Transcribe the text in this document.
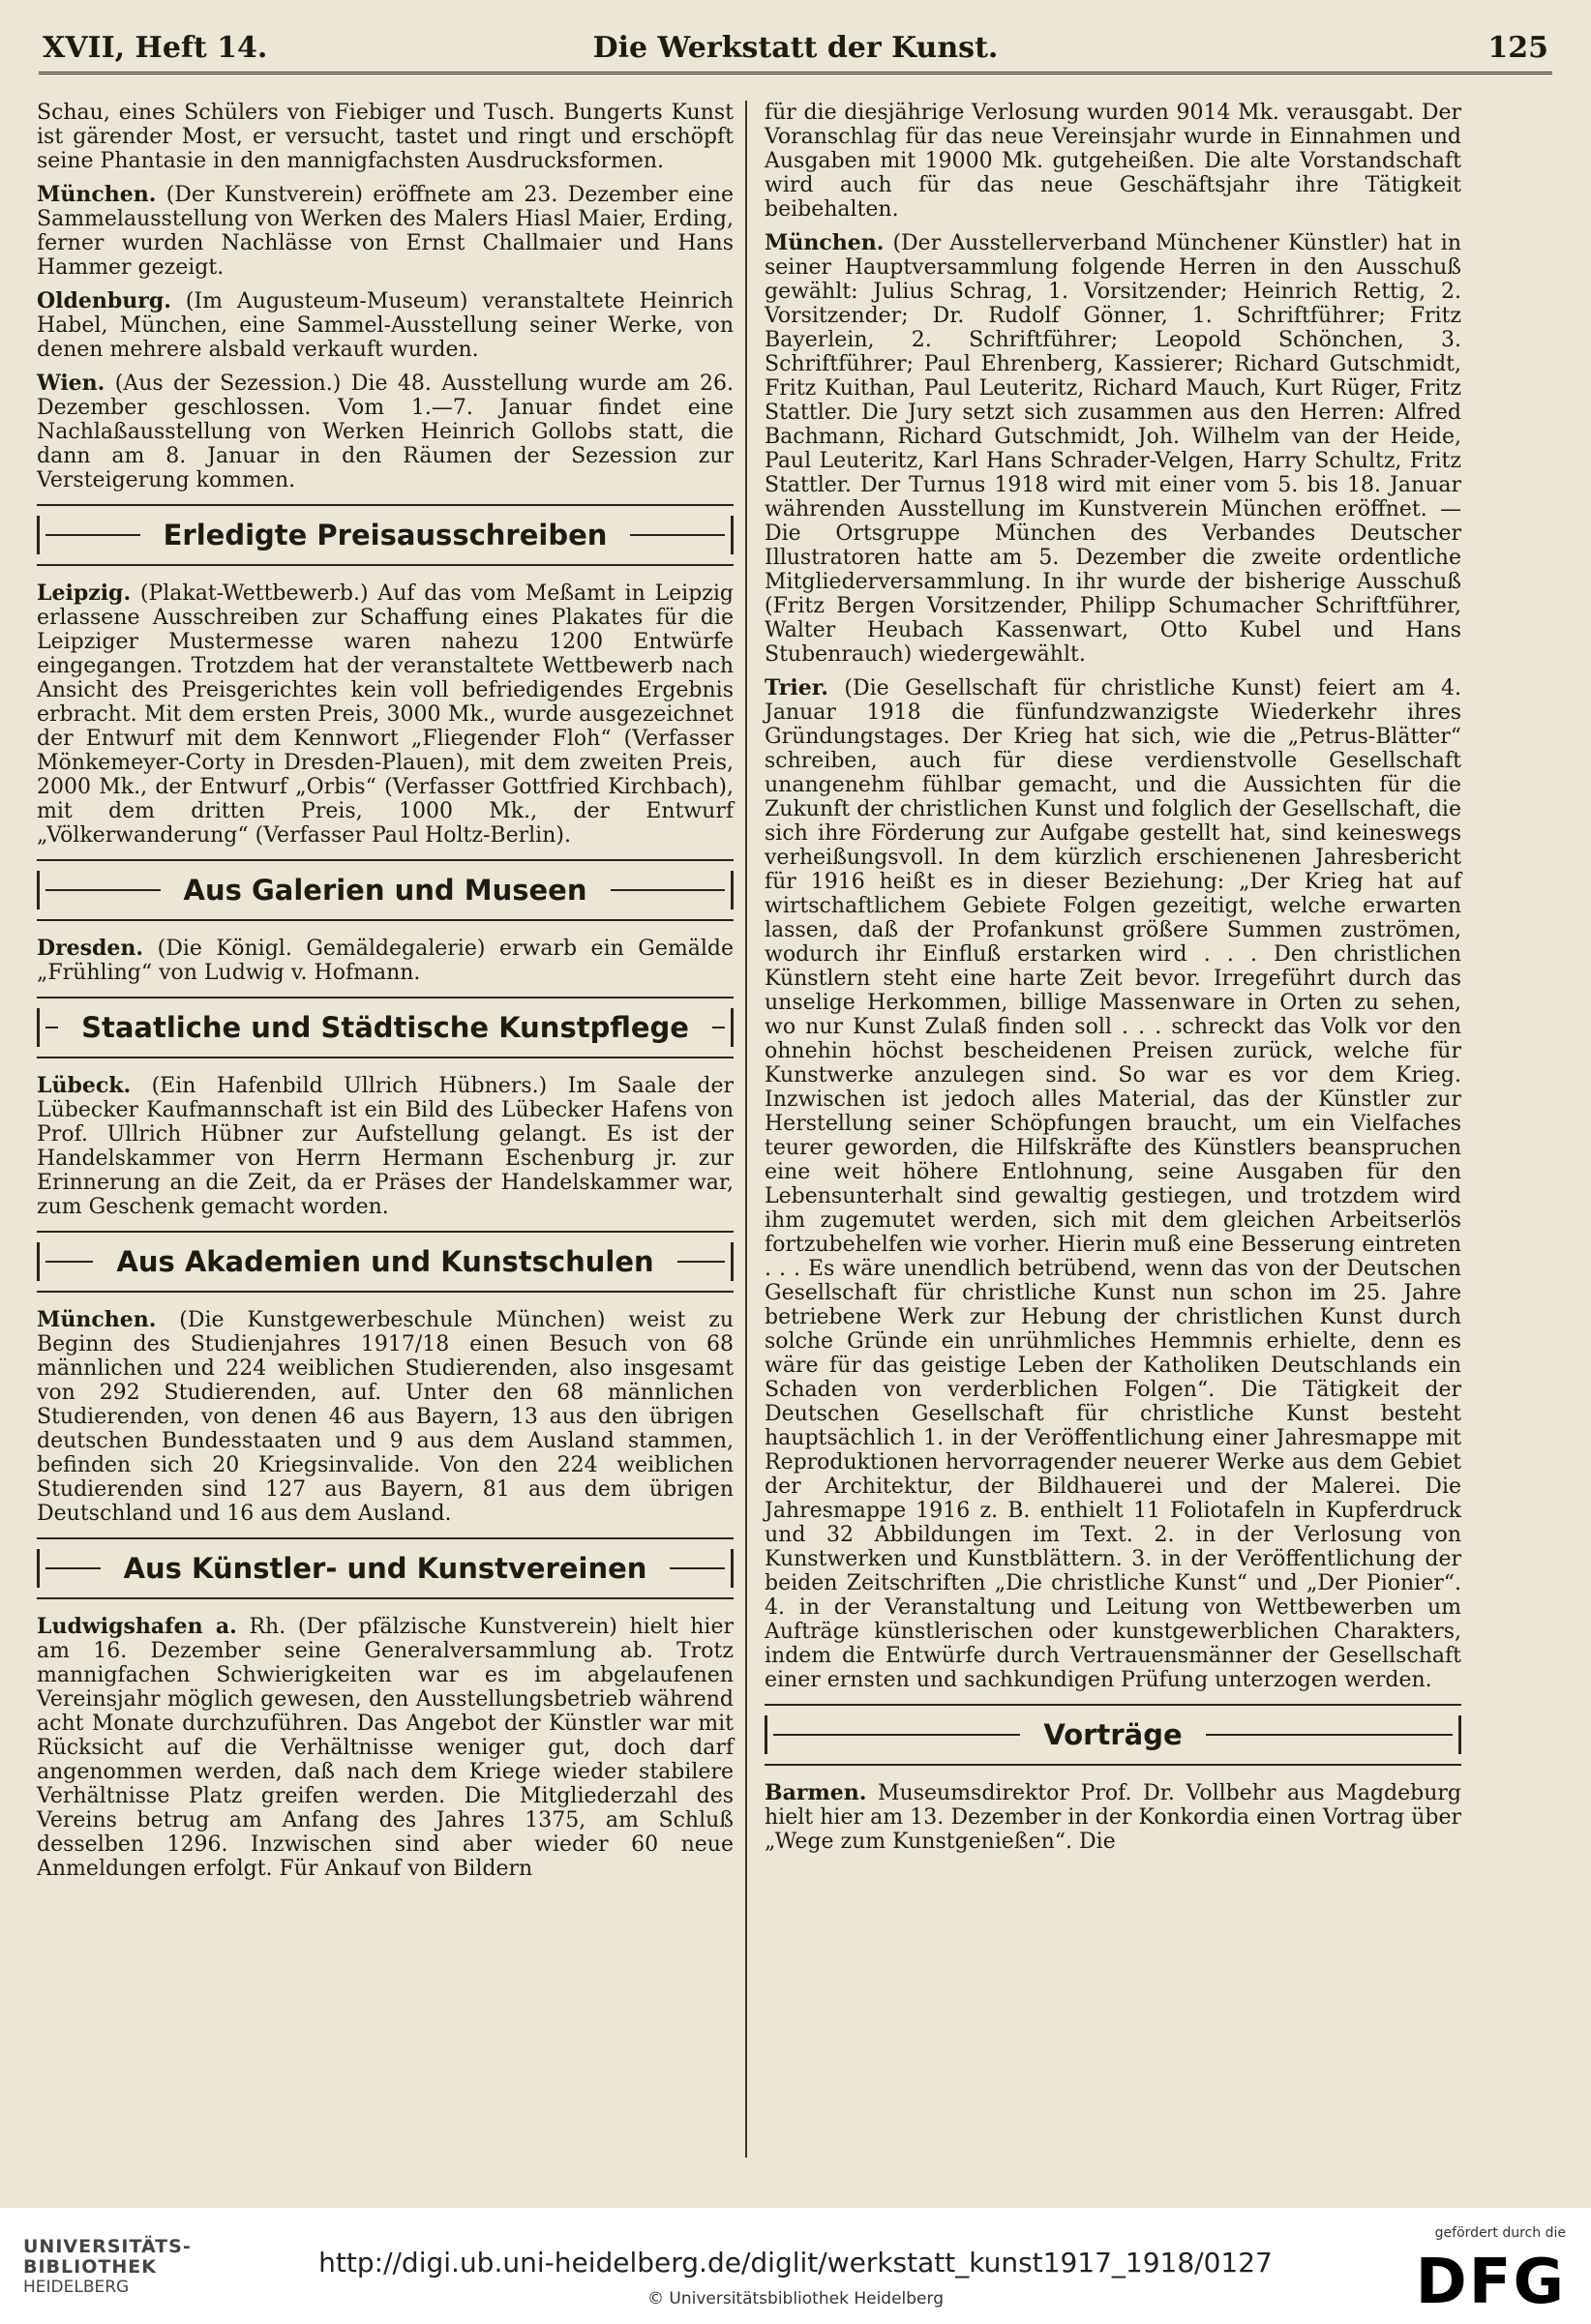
XVII, Heft 14.	Die Werkstatt der Kunst.	125

Schau, eines Schülers von Fiebiger und Tusch. Bungerts Kunst ist gärender Most, er versucht, tastet und ringt und erschöpft seine Phantasie in den mannigfachsten Ausdrucksformen.

München. (Der Kunstverein) eröffnete am 23. Dezember eine Sammelausstellung von Werken des Malers Hiasl Maier, Erding, ferner wurden Nachlässe von Ernst Challmaier und Hans Hammer gezeigt.

Oldenburg. (Im Augusteum-Museum) veranstaltete Heinrich Habel, München, eine Sammel-Ausstellung seiner Werke, von denen mehrere alsbald verkauft wurden.

Wien. (Aus der Sezession.) Die 48. Ausstellung wurde am 26. Dezember geschlossen. Vom 1.—7. Januar findet eine Nachlaßausstellung von Werken Heinrich Gollobs statt, die dann am 8. Januar in den Räumen der Sezession zur Versteigerung kommen.

Erledigte Preisausschreiben

Leipzig. (Plakat-Wettbewerb.) Auf das vom Meßamt in Leipzig erlassene Ausschreiben zur Schaffung eines Plakates für die Leipziger Mustermesse waren nahezu 1200 Entwürfe eingegangen. Trotzdem hat der veranstaltete Wettbewerb nach Ansicht des Preisgerichtes kein voll befriedigendes Ergebnis erbracht. Mit dem ersten Preis, 3000 Mk., wurde ausgezeichnet der Entwurf mit dem Kennwort „Fliegender Floh“ (Verfasser Mönkemeyer-Corty in Dresden-Plauen), mit dem zweiten Preis, 2000 Mk., der Entwurf „Orbis“ (Verfasser Gottfried Kirchbach), mit dem dritten Preis, 1000 Mk., der Entwurf „Völkerwanderung“ (Verfasser Paul Holtz-Berlin).

Aus Galerien und Museen

Dresden. (Die Königl. Gemäldegalerie) erwarb ein Gemälde „Frühling“ von Ludwig v. Hofmann.

Staatliche und Städtische Kunstpflege

Lübeck. (Ein Hafenbild Ullrich Hübners.) Im Saale der Lübecker Kaufmannschaft ist ein Bild des Lübecker Hafens von Prof. Ullrich Hübner zur Aufstellung gelangt. Es ist der Handelskammer von Herrn Hermann Eschenburg jr. zur Erinnerung an die Zeit, da er Präses der Handelskammer war, zum Geschenk gemacht worden.

Aus Akademien und Kunstschulen

München. (Die Kunstgewerbeschule München) weist zu Beginn des Studienjahres 1917/18 einen Besuch von 68 männlichen und 224 weiblichen Studierenden, also insgesamt von 292 Studierenden, auf. Unter den 68 männlichen Studierenden, von denen 46 aus Bayern, 13 aus den übrigen deutschen Bundesstaaten und 9 aus dem Ausland stammen, befinden sich 20 Kriegsinvalide. Von den 224 weiblichen Studierenden sind 127 aus Bayern, 81 aus dem übrigen Deutschland und 16 aus dem Ausland.

Aus Künstler- und Kunstvereinen

Ludwigshafen a. Rh. (Der pfälzische Kunstverein) hielt hier am 16. Dezember seine Generalversammlung ab. Trotz mannigfachen Schwierigkeiten war es im abgelaufenen Vereinsjahr möglich gewesen, den Ausstellungsbetrieb während acht Monate durchzuführen. Das Angebot der Künstler war mit Rücksicht auf die Verhältnisse weniger gut, doch darf angenommen werden, daß nach dem Kriege wieder stabilere Verhältnisse Platz greifen werden. Die Mitgliederzahl des Vereins betrug am Anfang des Jahres 1375, am Schluß desselben 1296. Inzwischen sind aber wieder 60 neue Anmeldungen erfolgt. Für Ankauf von Bildern

für die diesjährige Verlosung wurden 9014 Mk. verausgabt. Der Voranschlag für das neue Vereinsjahr wurde in Einnahmen und Ausgaben mit 19000 Mk. gutgeheißen. Die alte Vorstandschaft wird auch für das neue Geschäftsjahr ihre Tätigkeit beibehalten.

München. (Der Ausstellerverband Münchener Künstler) hat in seiner Hauptversammlung folgende Herren in den Ausschuß gewählt: Julius Schrag, 1. Vorsitzender; Heinrich Rettig, 2. Vorsitzender; Dr. Rudolf Gönner, 1. Schriftführer; Fritz Bayerlein, 2. Schriftführer; Leopold Schönchen, 3. Schriftführer; Paul Ehrenberg, Kassierer; Richard Gutschmidt, Fritz Kuithan, Paul Leuteritz, Richard Mauch, Kurt Rüger, Fritz Stattler. Die Jury setzt sich zusammen aus den Herren: Alfred Bachmann, Richard Gutschmidt, Joh. Wilhelm van der Heide, Paul Leuteritz, Karl Hans Schrader-Velgen, Harry Schultz, Fritz Stattler. Der Turnus 1918 wird mit einer vom 5. bis 18. Januar währenden Ausstellung im Kunstverein München eröffnet. — Die Ortsgruppe München des Verbandes Deutscher Illustratoren hatte am 5. Dezember die zweite ordentliche Mitgliederversammlung. In ihr wurde der bisherige Ausschuß (Fritz Bergen Vorsitzender, Philipp Schumacher Schriftführer, Walter Heubach Kassenwart, Otto Kubel und Hans Stubenrauch) wiedergewählt.

Trier. (Die Gesellschaft für christliche Kunst) feiert am 4. Januar 1918 die fünfundzwanzigste Wiederkehr ihres Gründungstages. Der Krieg hat sich, wie die „Petrus-Blätter“ schreiben, auch für diese verdienstvolle Gesellschaft unangenehm fühlbar gemacht, und die Aussichten für die Zukunft der christlichen Kunst und folglich der Gesellschaft, die sich ihre Förderung zur Aufgabe gestellt hat, sind keineswegs verheißungsvoll. In dem kürzlich erschienenen Jahresbericht für 1916 heißt es in dieser Beziehung: „Der Krieg hat auf wirtschaftlichem Gebiete Folgen gezeitigt, welche erwarten lassen, daß der Profankunst größere Summen zuströmen, wodurch ihr Einfluß erstarken wird . . . Den christlichen Künstlern steht eine harte Zeit bevor. Irregeführt durch das unselige Herkommen, billige Massenware in Orten zu sehen, wo nur Kunst Zulaß finden soll . . . schreckt das Volk vor den ohnehin höchst bescheidenen Preisen zurück, welche für Kunstwerke anzulegen sind. So war es vor dem Krieg. Inzwischen ist jedoch alles Material, das der Künstler zur Herstellung seiner Schöpfungen braucht, um ein Vielfaches teurer geworden, die Hilfskräfte des Künstlers beanspruchen eine weit höhere Entlohnung, seine Ausgaben für den Lebensunterhalt sind gewaltig gestiegen, und trotzdem wird ihm zugemutet werden, sich mit dem gleichen Arbeitserlös fortzubehelfen wie vorher. Hierin muß eine Besserung eintreten . . . Es wäre unendlich betrübend, wenn das von der Deutschen Gesellschaft für christliche Kunst nun schon im 25. Jahre betriebene Werk zur Hebung der christlichen Kunst durch solche Gründe ein unrühmliches Hemmnis erhielte, denn es wäre für das geistige Leben der Katholiken Deutschlands ein Schaden von verderblichen Folgen“. Die Tätigkeit der Deutschen Gesellschaft für christliche Kunst besteht hauptsächlich 1. in der Veröffentlichung einer Jahresmappe mit Reproduktionen hervorragender neuerer Werke aus dem Gebiet der Architektur, der Bildhauerei und der Malerei. Die Jahresmappe 1916 z. B. enthielt 11 Foliotafeln in Kupferdruck und 32 Abbildungen im Text. 2. in der Verlosung von Kunstwerken und Kunstblättern. 3. in der Veröffentlichung der beiden Zeitschriften „Die christliche Kunst“ und „Der Pionier“. 4. in der Veranstaltung und Leitung von Wettbewerben um Aufträge künstlerischen oder kunstgewerblichen Charakters, indem die Entwürfe durch Vertrauensmänner der Gesellschaft einer ernsten und sachkundigen Prüfung unterzogen werden.

Vorträge

Barmen. Museumsdirektor Prof. Dr. Vollbehr aus Magdeburg hielt hier am 13. Dezember in der Konkordia einen Vortrag über „Wege zum Kunstgenießen“. Die

UNIVERSITÄTS-
BIBLIOTHEK
HEIDELBERG
http://digi.ub.uni-heidelberg.de/diglit/werkstatt_kunst1917_1918/0127
© Universitätsbibliothek Heidelberg
gefördert durch die
DFG
